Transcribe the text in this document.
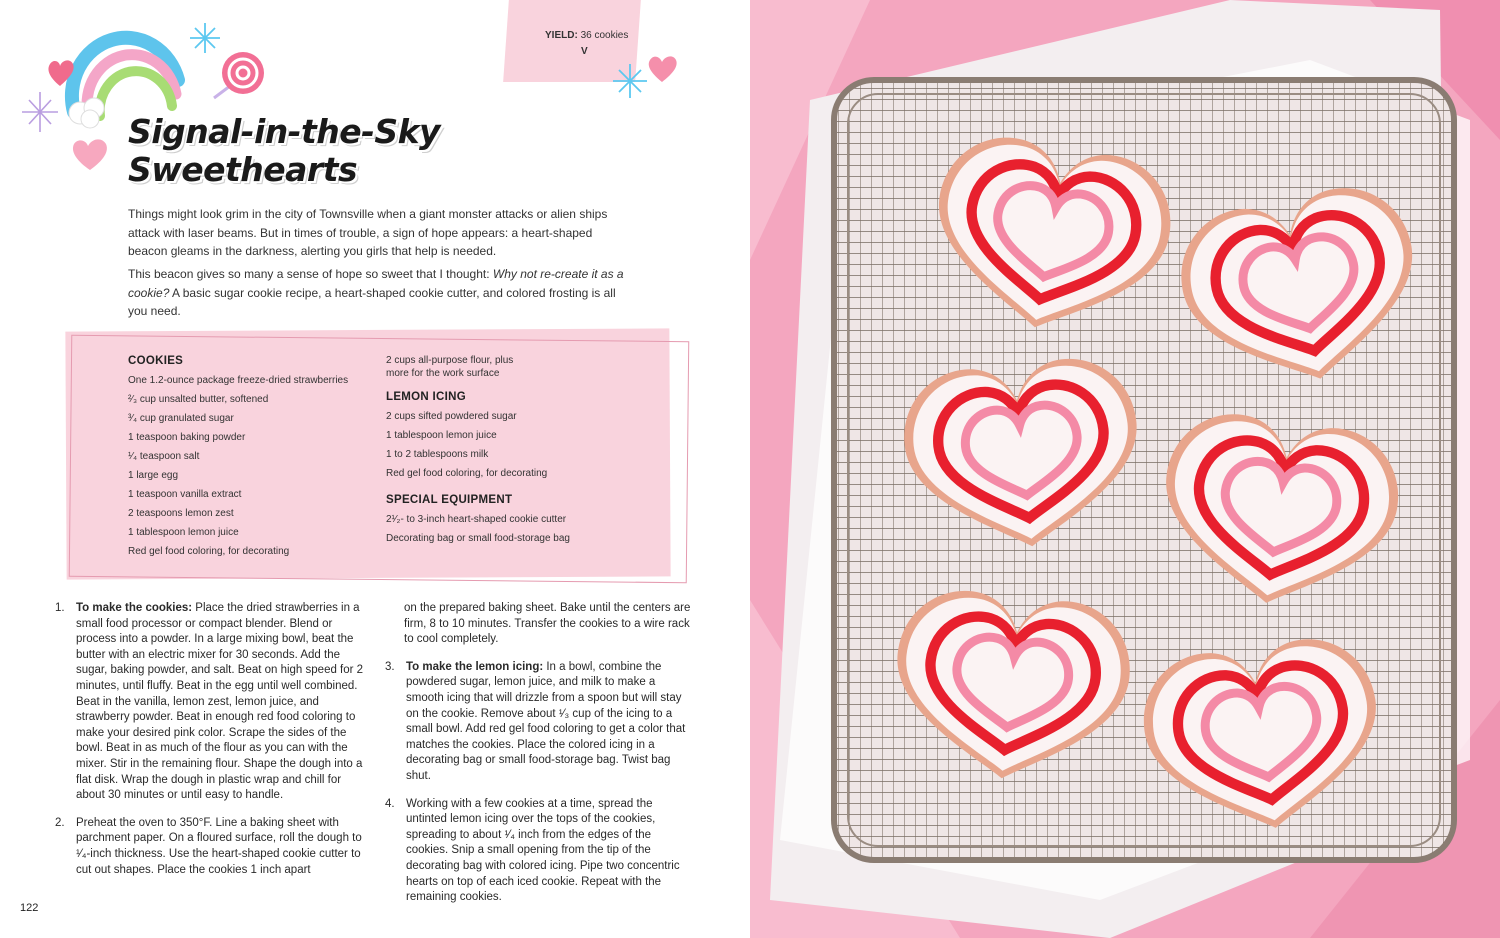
Signal-in-the-Sky
Sweethearts
YIELD: 36 cookies
V

Things might look grim in the city of Townsville when a giant monster attacks or alien ships attack with laser beams. But in times of trouble, a sign of hope appears: a heart-shaped beacon gleams in the darkness, alerting you girls that help is needed.

This beacon gives so many a sense of hope so sweet that I thought: Why not re-create it as a cookie? A basic sugar cookie recipe, a heart-shaped cookie cutter, and colored frosting is all you need.

COOKIES
One 1.2-ounce package freeze-dried strawberries
²⁄₃ cup unsalted butter, softened
³⁄₄ cup granulated sugar
1 teaspoon baking powder
¹⁄₄ teaspoon salt
1 large egg
1 teaspoon vanilla extract
2 teaspoons lemon zest
1 tablespoon lemon juice
Red gel food coloring, for decorating
2 cups all-purpose flour, plus more for the work surface
LEMON ICING
2 cups sifted powdered sugar
1 tablespoon lemon juice
1 to 2 tablespoons milk
Red gel food coloring, for decorating
SPECIAL EQUIPMENT
2¹⁄₂- to 3-inch heart-shaped cookie cutter
Decorating bag or small food-storage bag
1. To make the cookies: Place the dried strawberries in a small food processor or compact blender. Blend or process into a powder. In a large mixing bowl, beat the butter with an electric mixer for 30 seconds. Add the sugar, baking powder, and salt. Beat on high speed for 2 minutes, until fluffy. Beat in the egg until well combined. Beat in the vanilla, lemon zest, lemon juice, and strawberry powder. Beat in enough red food coloring to make your desired pink color. Scrape the sides of the bowl. Beat in as much of the flour as you can with the mixer. Stir in the remaining flour. Shape the dough into a flat disk. Wrap the dough in plastic wrap and chill for about 30 minutes or until easy to handle.
2. Preheat the oven to 350°F. Line a baking sheet with parchment paper. On a floured surface, roll the dough to ¹⁄₄-inch thickness. Use the heart-shaped cookie cutter to cut out shapes. Place the cookies 1 inch apart
on the prepared baking sheet. Bake until the centers are firm, 8 to 10 minutes. Transfer the cookies to a wire rack to cool completely.
3. To make the lemon icing: In a bowl, combine the powdered sugar, lemon juice, and milk to make a smooth icing that will drizzle from a spoon but will stay on the cookie. Remove about ¹⁄₃ cup of the icing to a small bowl. Add red gel food coloring to get a color that matches the cookies. Place the colored icing in a decorating bag or small food-storage bag. Twist bag shut.
4. Working with a few cookies at a time, spread the untinted lemon icing over the tops of the cookies, spreading to about ¹⁄₄ inch from the edges of the cookies. Snip a small opening from the tip of the decorating bag with colored icing. Pipe two concentric hearts on top of each iced cookie. Repeat with the remaining cookies.
122
